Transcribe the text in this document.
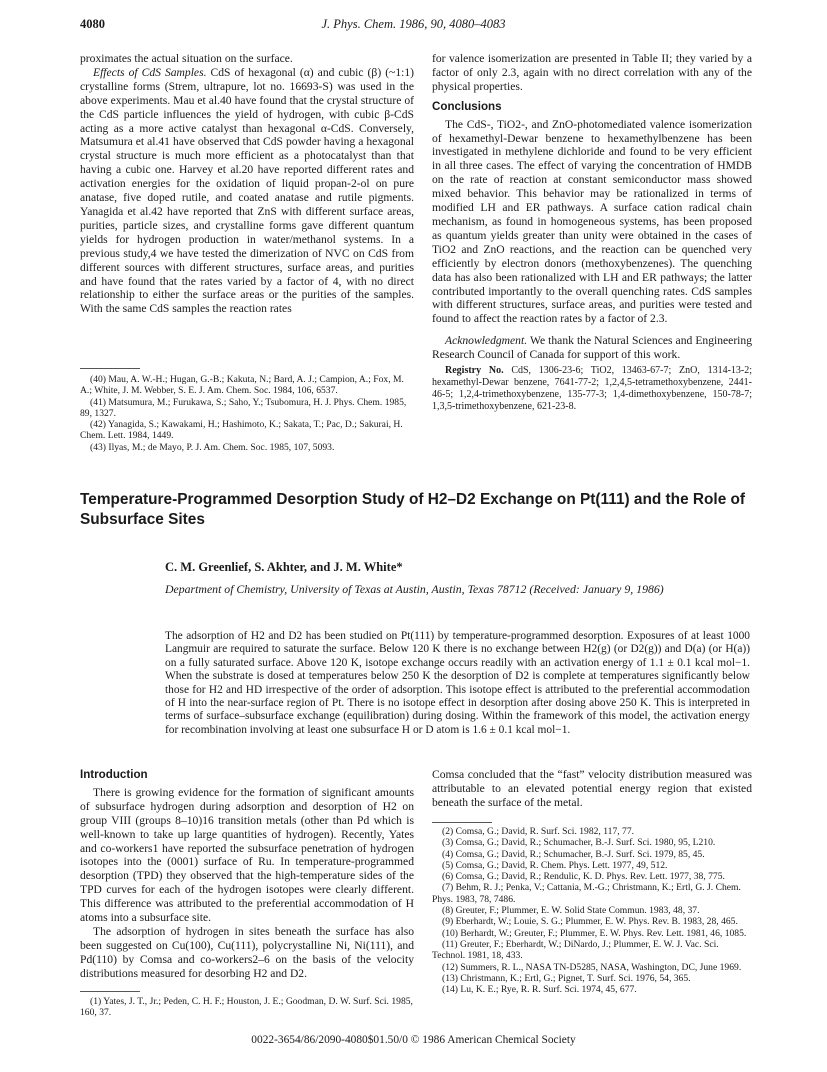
4080	J. Phys. Chem. 1986, 90, 4080–4083

proximates the actual situation on the surface.

Effects of CdS Samples. CdS of hexagonal (α) and cubic (β) (~1:1) crystalline forms (Strem, ultrapure, lot no. 16693-S) was used in the above experiments. Mau et al.40 have found that the crystal structure of the CdS particle influences the yield of hydrogen, with cubic β-CdS acting as a more active catalyst than hexagonal α-CdS. Conversely, Matsumura et al.41 have observed that CdS powder having a hexagonal crystal structure is much more efficient as a photocatalyst than that having a cubic one. Harvey et al.20 have reported different rates and activation energies for the oxidation of liquid propan-2-ol on pure anatase, five doped rutile, and coated anatase and rutile pigments. Yanagida et al.42 have reported that ZnS with different surface areas, purities, particle sizes, and crystalline forms gave different quantum yields for hydrogen production in water/methanol systems. In a previous study,4 we have tested the dimerization of NVC on CdS from different sources with different structures, surface areas, and purities and have found that the rates varied by a factor of 4, with no direct relationship to either the surface areas or the purities of the samples. With the same CdS samples the reaction rates

(40) Mau, A. W.-H.; Hugan, G.-B.; Kakuta, N.; Bard, A. J.; Campion, A.; Fox, M. A.; White, J. M. Webber, S. E. J. Am. Chem. Soc. 1984, 106, 6537.
(41) Matsumura, M.; Furukawa, S.; Saho, Y.; Tsubomura, H. J. Phys. Chem. 1985, 89, 1327.
(42) Yanagida, S.; Kawakami, H.; Hashimoto, K.; Sakata, T.; Pac, D.; Sakurai, H. Chem. Lett. 1984, 1449.
(43) Ilyas, M.; de Mayo, P. J. Am. Chem. Soc. 1985, 107, 5093.

for valence isomerization are presented in Table II; they varied by a factor of only 2.3, again with no direct correlation with any of the physical properties.

Conclusions

The CdS-, TiO2-, and ZnO-photomediated valence isomerization of hexamethyl-Dewar benzene to hexamethylbenzene has been investigated in methylene dichloride and found to be very efficient in all three cases. The effect of varying the concentration of HMDB on the rate of reaction at constant semiconductor mass showed mixed behavior. This behavior may be rationalized in terms of modified LH and ER pathways. A surface cation radical chain mechanism, as found in homogeneous systems, has been proposed as quantum yields greater than unity were obtained in the cases of TiO2 and ZnO reactions, and the reaction can be quenched very efficiently by electron donors (methoxybenzenes). The quenching data has also been rationalized with LH and ER pathways; the latter contributed importantly to the overall quenching rates. CdS samples with different structures, surface areas, and purities were tested and found to affect the reaction rates by a factor of 2.3.

Acknowledgment. We thank the Natural Sciences and Engineering Research Council of Canada for support of this work.

Registry No. CdS, 1306-23-6; TiO2, 13463-67-7; ZnO, 1314-13-2; hexamethyl-Dewar benzene, 7641-77-2; 1,2,4,5-tetramethoxybenzene, 2441-46-5; 1,2,4-trimethoxybenzene, 135-77-3; 1,4-dimethoxybenzene, 150-78-7; 1,3,5-trimethoxybenzene, 621-23-8.

Temperature-Programmed Desorption Study of H2–D2 Exchange on Pt(111) and the Role of Subsurface Sites
C. M. Greenlief, S. Akhter, and J. M. White*
Department of Chemistry, University of Texas at Austin, Austin, Texas 78712 (Received: January 9, 1986)
The adsorption of H2 and D2 has been studied on Pt(111) by temperature-programmed desorption. Exposures of at least 1000 Langmuir are required to saturate the surface. Below 120 K there is no exchange between H2(g) (or D2(g)) and D(a) (or H(a)) on a fully saturated surface. Above 120 K, isotope exchange occurs readily with an activation energy of 1.1 ± 0.1 kcal mol−1. When the substrate is dosed at temperatures below 250 K the desorption of D2 is complete at temperatures significantly below those for H2 and HD irrespective of the order of adsorption. This isotope effect is attributed to the preferential accommodation of H into the near-surface region of Pt. There is no isotope effect in desorption after dosing above 250 K. This is interpreted in terms of surface–subsurface exchange (equilibration) during dosing. Within the framework of this model, the activation energy for recombination involving at least one subsurface H or D atom is 1.6 ± 0.1 kcal mol−1.
Introduction

There is growing evidence for the formation of significant amounts of subsurface hydrogen during adsorption and desorption of H2 on group VIII (groups 8–10)16 transition metals (other than Pd which is well-known to take up large quantities of hydrogen). Recently, Yates and co-workers1 have reported the subsurface penetration of hydrogen isotopes into the (0001) surface of Ru. In temperature-programmed desorption (TPD) they observed that the high-temperature sides of the TPD curves for each of the hydrogen isotopes were clearly different. This difference was attributed to the preferential accommodation of H atoms into a subsurface site.

The adsorption of hydrogen in sites beneath the surface has also been suggested on Cu(100), Cu(111), polycrystalline Ni, Ni(111), and Pd(110) by Comsa and co-workers2–6 on the basis of the velocity distributions measured for desorbing H2 and D2.

(1) Yates, J. T., Jr.; Peden, C. H. F.; Houston, J. E.; Goodman, D. W. Surf. Sci. 1985, 160, 37.

Comsa concluded that the “fast” velocity distribution measured was attributable to an elevated potential energy region that existed beneath the surface of the metal.

(2) Comsa, G.; David, R. Surf. Sci. 1982, 117, 77.
(3) Comsa, G.; David, R.; Schumacher, B.-J. Surf. Sci. 1980, 95, L210.
(4) Comsa, G.; David, R.; Schumacher, B.-J. Surf. Sci. 1979, 85, 45.
(5) Comsa, G.; David, R. Chem. Phys. Lett. 1977, 49, 512.
(6) Comsa, G.; David, R.; Rendulic, K. D. Phys. Rev. Lett. 1977, 38, 775.
(7) Behm, R. J.; Penka, V.; Cattania, M.-G.; Christmann, K.; Ertl, G. J. Chem. Phys. 1983, 78, 7486.
(8) Greuter, F.; Plummer, E. W. Solid State Commun. 1983, 48, 37.
(9) Eberhardt, W.; Louie, S. G.; Plummer, E. W. Phys. Rev. B. 1983, 28, 465.
(10) Berhardt, W.; Greuter, F.; Plummer, E. W. Phys. Rev. Lett. 1981, 46, 1085.
(11) Greuter, F.; Eberhardt, W.; DiNardo, J.; Plummer, E. W. J. Vac. Sci. Technol. 1981, 18, 433.
(12) Summers, R. L., NASA TN-D5285, NASA, Washington, DC, June 1969.
(13) Christmann, K.; Ertl, G.; Pignet, T. Surf. Sci. 1976, 54, 365.
(14) Lu, K. E.; Rye, R. R. Surf. Sci. 1974, 45, 677.
0022-3654/86/2090-4080$01.50/0 © 1986 American Chemical Society
